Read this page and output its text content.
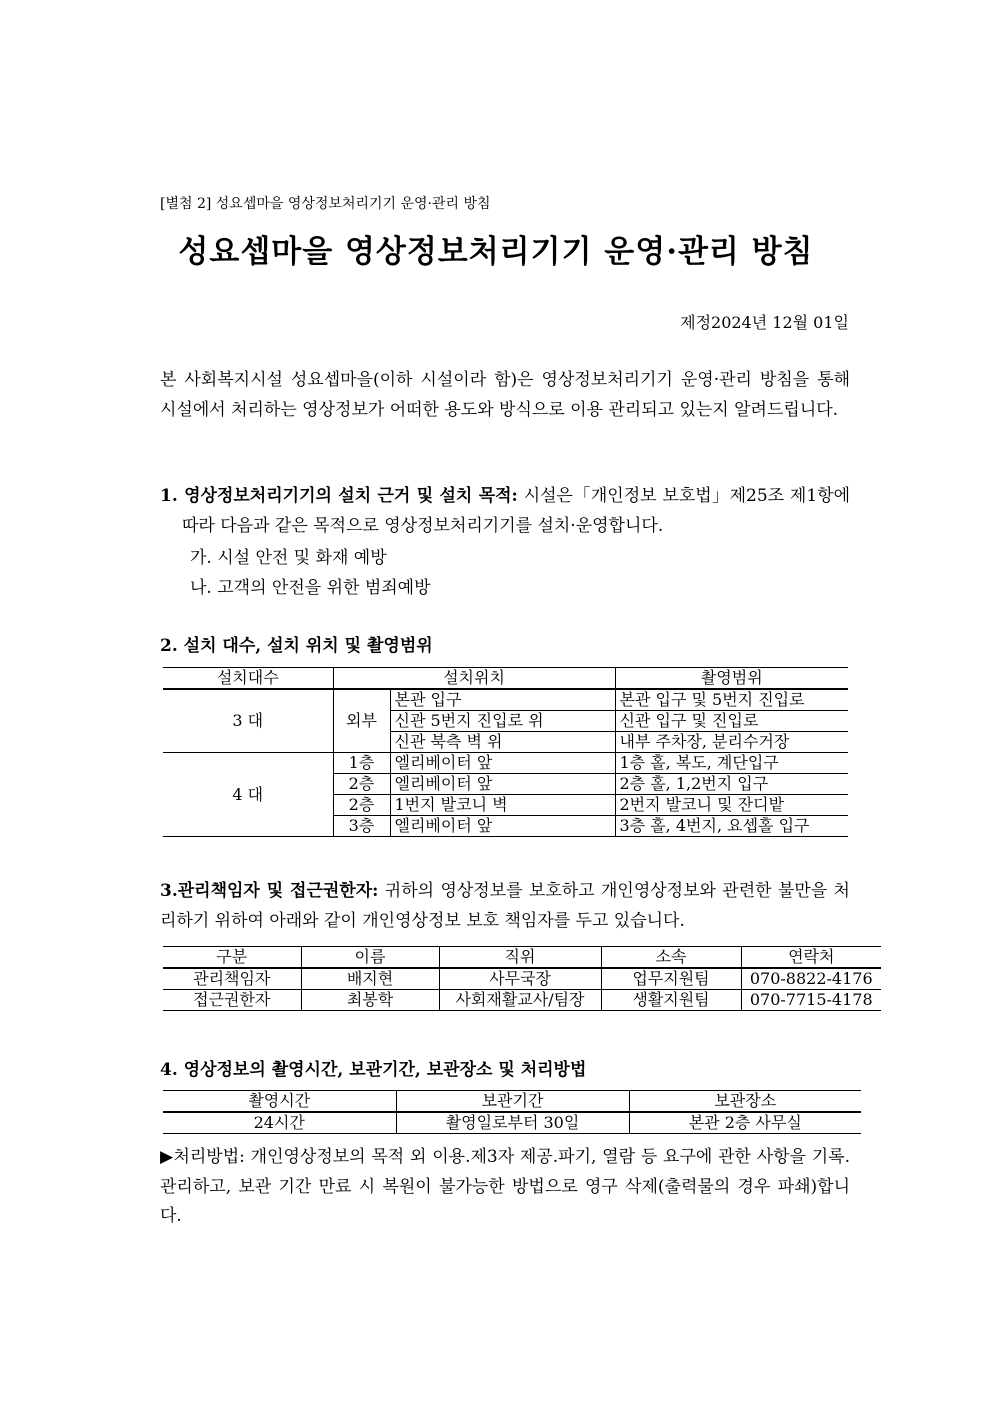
[별첨 2] 성요셉마을 영상정보처리기기 운영·관리 방침
성요셉마을 영상정보처리기기 운영·관리 방침
제정2024년 12월 01일
본 사회복지시설 성요셉마을(이하 시설이라 함)은 영상정보처리기기 운영·관리 방침을 통해 시설에서 처리하는 영상정보가 어떠한 용도와 방식으로 이용 관리되고 있는지 알려드립니다.
1. 영상정보처리기기의 설치 근거 및 설치 목적: 시설은「개인정보 보호법」제25조 제1항에 따라 다음과 같은 목적으로 영상정보처리기기를 설치·운영합니다.
가. 시설 안전 및 화재 예방
나. 고객의 안전을 위한 범죄예방
2. 설치 대수, 설치 위치 및 촬영범위
설치대수	설치위치		촬영범위
3 대	외부	본관 입구	본관 입구 및 5번지 진입로
		신관 5번지 진입로 위	신관 입구 및 진입로
		신관 북측 벽 위	내부 주차장, 분리수거장
4 대	1층	엘리베이터 앞	1층 홀, 복도, 계단입구
	2층	엘리베이터 앞	2층 홀, 1,2번지 입구
	2층	1번지 발코니 벽	2번지 발코니 및 잔디밭
	3층	엘리베이터 앞	3층 홀, 4번지, 요셉홀 입구
3.관리책임자 및 접근권한자: 귀하의 영상정보를 보호하고 개인영상정보와 관련한 불만을 처리하기 위하여 아래와 같이 개인영상정보 보호 책임자를 두고 있습니다.
구분	이름	직위	소속	연락처
관리책임자	배지현	사무국장	업무지원팀	070-8822-4176
접근권한자	최봉학	사회재활교사/팀장	생활지원팀	070-7715-4178
4. 영상정보의 촬영시간, 보관기간, 보관장소 및 처리방법
촬영시간	보관기간	보관장소
24시간	촬영일로부터 30일	본관 2층 사무실
▶처리방법: 개인영상정보의 목적 외 이용.제3자 제공.파기, 열람 등 요구에 관한 사항을 기록.관리하고, 보관 기간 만료 시 복원이 불가능한 방법으로 영구 삭제(출력물의 경우 파쇄)합니다.
